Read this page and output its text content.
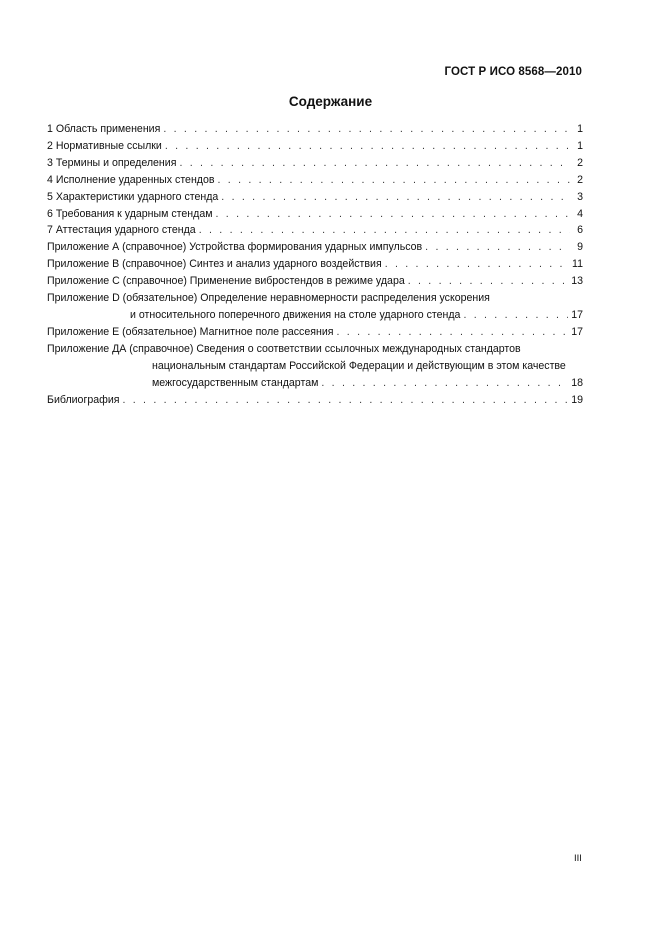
ГОСТ Р ИСО 8568—2010
Содержание
1 Область применения . . .	1
2 Нормативные ссылки . . .	1
3 Термины и определения . . .	2
4 Исполнение ударенных стендов . . .	2
5 Характеристики ударного стенда . . .	3
6 Требования к ударным стендам . . .	4
7 Аттестация ударного стенда . . .	6
Приложение А (справочное) Устройства формирования ударных импульсов . . .	9
Приложение В (справочное) Синтез и анализ ударного воздействия . . .	11
Приложение С (справочное) Применение вибростендов в режиме удара . . .	13
Приложение D (обязательное) Определение неравномерности распределения ускорения
и относительного поперечного движения на столе ударного стенда . . .	17
Приложение Е (обязательное) Магнитное поле рассеяния . . .	17
Приложение ДА (справочное) Сведения о соответствии ссылочных международных стандартов
национальным стандартам Российской Федерации и действующим в этом качестве
межгосударственным стандартам . . .	18
Библиография . . .	19
III
